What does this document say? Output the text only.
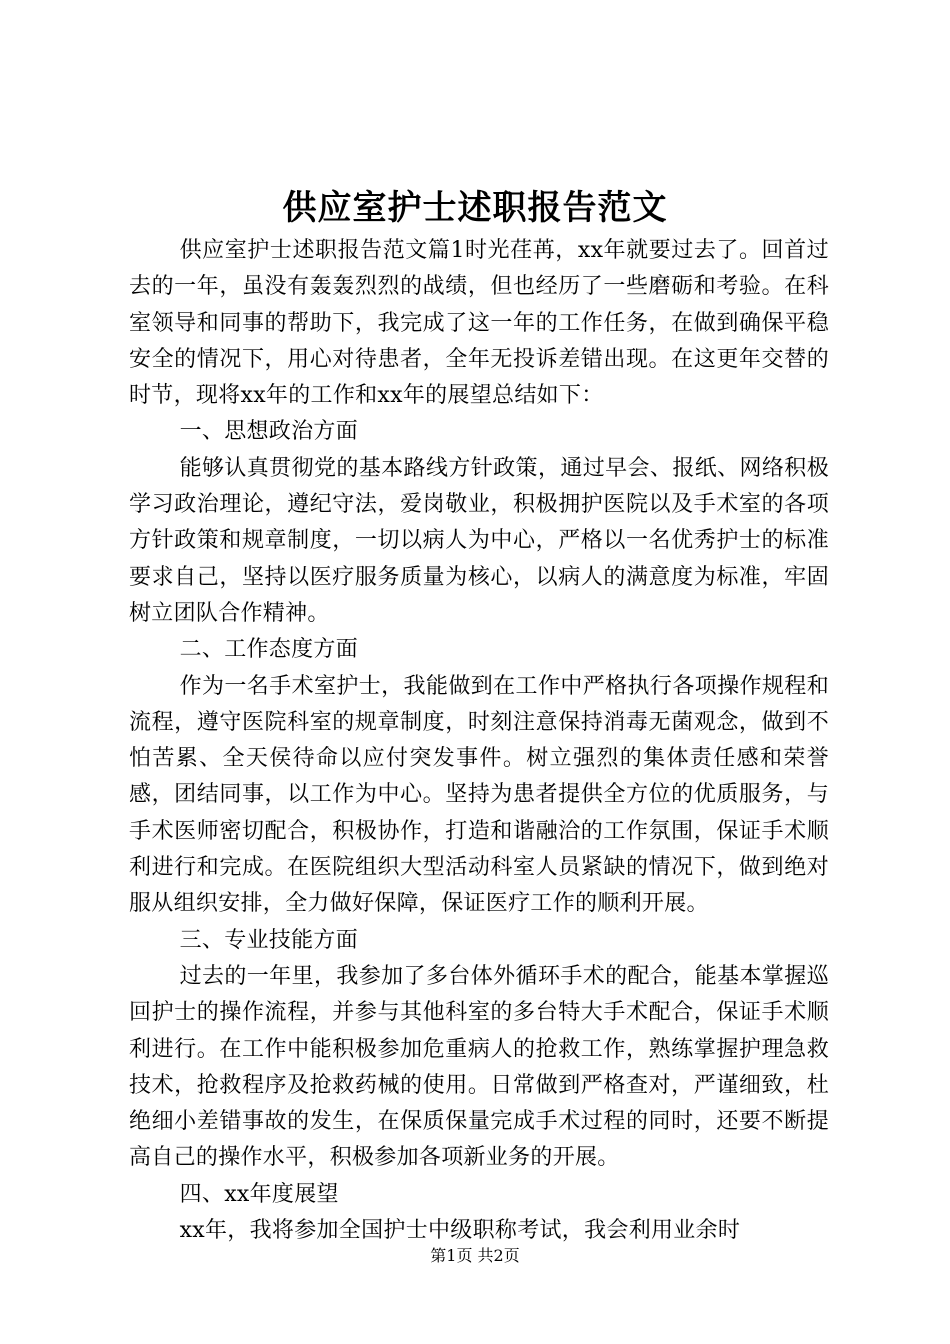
供应室护士述职报告范文

供应室护士述职报告范文篇1时光荏苒，xx年就要过去了。回首过去的一年，虽没有轰轰烈烈的战绩，但也经历了一些磨砺和考验。在科室领导和同事的帮助下，我完成了这一年的工作任务，在做到确保平稳安全的情况下，用心对待患者，全年无投诉差错出现。在这更年交替的时节，现将xx年的工作和xx年的展望总结如下：

一、思想政治方面

能够认真贯彻党的基本路线方针政策，通过早会、报纸、网络积极学习政治理论，遵纪守法，爱岗敬业，积极拥护医院以及手术室的各项方针政策和规章制度，一切以病人为中心，严格以一名优秀护士的标准要求自己，坚持以医疗服务质量为核心，以病人的满意度为标准，牢固树立团队合作精神。

二、工作态度方面

作为一名手术室护士，我能做到在工作中严格执行各项操作规程和流程，遵守医院科室的规章制度，时刻注意保持消毒无菌观念，做到不怕苦累、全天侯待命以应付突发事件。树立强烈的集体责任感和荣誉感，团结同事，以工作为中心。坚持为患者提供全方位的优质服务，与手术医师密切配合，积极协作，打造和谐融洽的工作氛围，保证手术顺利进行和完成。在医院组织大型活动科室人员紧缺的情况下，做到绝对服从组织安排，全力做好保障，保证医疗工作的顺利开展。

三、专业技能方面

过去的一年里，我参加了多台体外循环手术的配合，能基本掌握巡回护士的操作流程，并参与其他科室的多台特大手术配合，保证手术顺利进行。在工作中能积极参加危重病人的抢救工作，熟练掌握护理急救技术，抢救程序及抢救药械的使用。日常做到严格查对，严谨细致，杜绝细小差错事故的发生，在保质保量完成手术过程的同时，还要不断提高自己的操作水平，积极参加各项新业务的开展。

四、xx年度展望

xx年，我将参加全国护士中级职称考试，我会利用业余时

第1页 共2页
